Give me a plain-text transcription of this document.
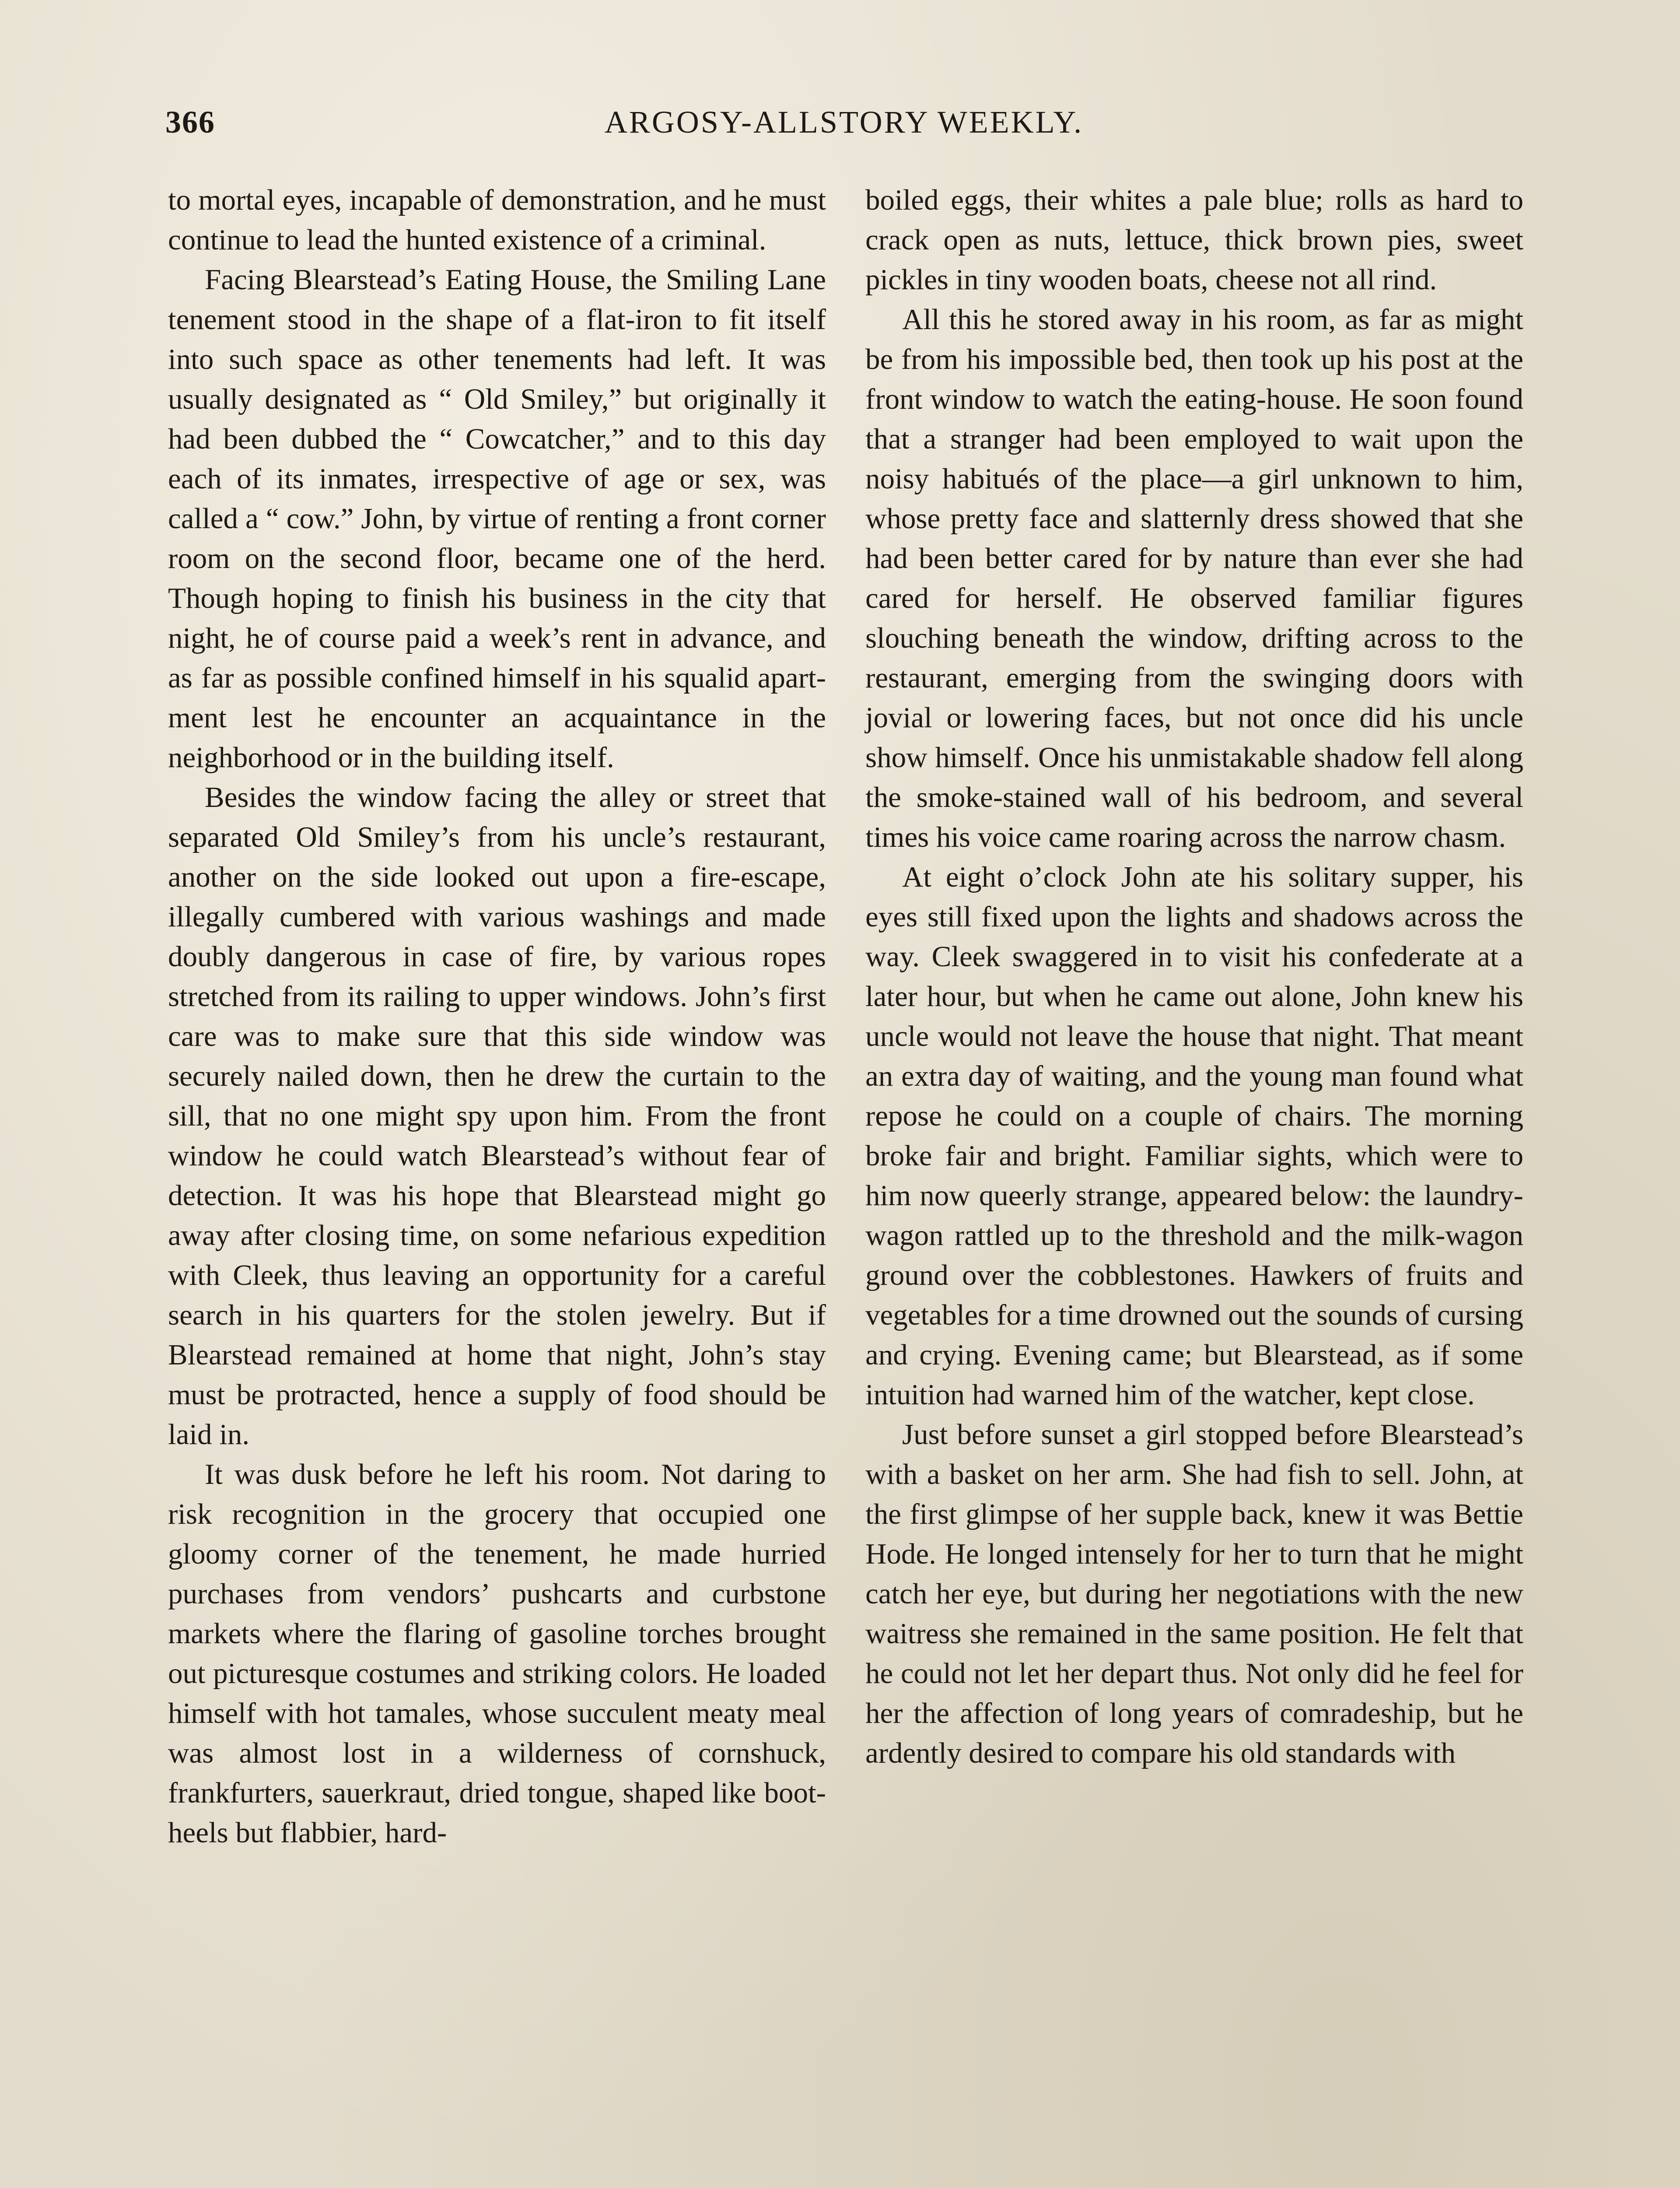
366	ARGOSY-ALLSTORY WEEKLY.

to mortal eyes, incapable of demonstration, and he must continue to lead the hunted existence of a criminal.

Facing Blearstead’s Eating House, the Smiling Lane tenement stood in the shape of a flat-iron to fit itself into such space as other tenements had left. It was usually designated as “ Old Smiley,” but originally it had been dubbed the “ Cowcatcher,” and to this day each of its inmates, irrespective of age or sex, was called a “ cow.” John, by virtue of renting a front corner room on the second floor, became one of the herd. Though hoping to finish his business in the city that night, he of course paid a week’s rent in advance, and as far as possible confined himself in his squalid apartment lest he encounter an acquaintance in the neighborhood or in the building itself.

Besides the window facing the alley or street that separated Old Smiley’s from his uncle’s restaurant, another on the side looked out upon a fire-escape, illegally cumbered with various washings and made doubly dangerous in case of fire, by various ropes stretched from its railing to upper windows. John’s first care was to make sure that this side window was securely nailed down, then he drew the curtain to the sill, that no one might spy upon him. From the front window he could watch Blearstead’s without fear of detection. It was his hope that Blearstead might go away after closing time, on some nefarious expedition with Cleek, thus leaving an opportunity for a careful search in his quarters for the stolen jewelry. But if Blearstead remained at home that night, John’s stay must be protracted, hence a supply of food should be laid in.

It was dusk before he left his room. Not daring to risk recognition in the grocery that occupied one gloomy corner of the tenement, he made hurried purchases from vendors’ pushcarts and curbstone markets where the flaring of gasoline torches brought out picturesque costumes and striking colors. He loaded himself with hot tamales, whose succulent meaty meal was almost lost in a wilderness of cornshuck, frankfurters, sauerkraut, dried tongue, shaped like boot-heels but flabbier, hard-

boiled eggs, their whites a pale blue; rolls as hard to crack open as nuts, lettuce, thick brown pies, sweet pickles in tiny wooden boats, cheese not all rind.

All this he stored away in his room, as far as might be from his impossible bed, then took up his post at the front window to watch the eating-house. He soon found that a stranger had been employed to wait upon the noisy habitués of the place—a girl unknown to him, whose pretty face and slatternly dress showed that she had been better cared for by nature than ever she had cared for herself. He observed familiar figures slouching beneath the window, drifting across to the restaurant, emerging from the swinging doors with jovial or lowering faces, but not once did his uncle show himself. Once his unmistakable shadow fell along the smoke-stained wall of his bedroom, and several times his voice came roaring across the narrow chasm.

At eight o’clock John ate his solitary supper, his eyes still fixed upon the lights and shadows across the way. Cleek swaggered in to visit his confederate at a later hour, but when he came out alone, John knew his uncle would not leave the house that night. That meant an extra day of waiting, and the young man found what repose he could on a couple of chairs. The morning broke fair and bright. Familiar sights, which were to him now queerly strange, appeared below: the laundry-wagon rattled up to the threshold and the milk-wagon ground over the cobblestones. Hawkers of fruits and vegetables for a time drowned out the sounds of cursing and crying. Evening came; but Blearstead, as if some intuition had warned him of the watcher, kept close.

Just before sunset a girl stopped before Blearstead’s with a basket on her arm. She had fish to sell. John, at the first glimpse of her supple back, knew it was Bettie Hode. He longed intensely for her to turn that he might catch her eye, but during her negotiations with the new waitress she remained in the same position. He felt that he could not let her depart thus. Not only did he feel for her the affection of long years of comradeship, but he ardently desired to compare his old standards with
